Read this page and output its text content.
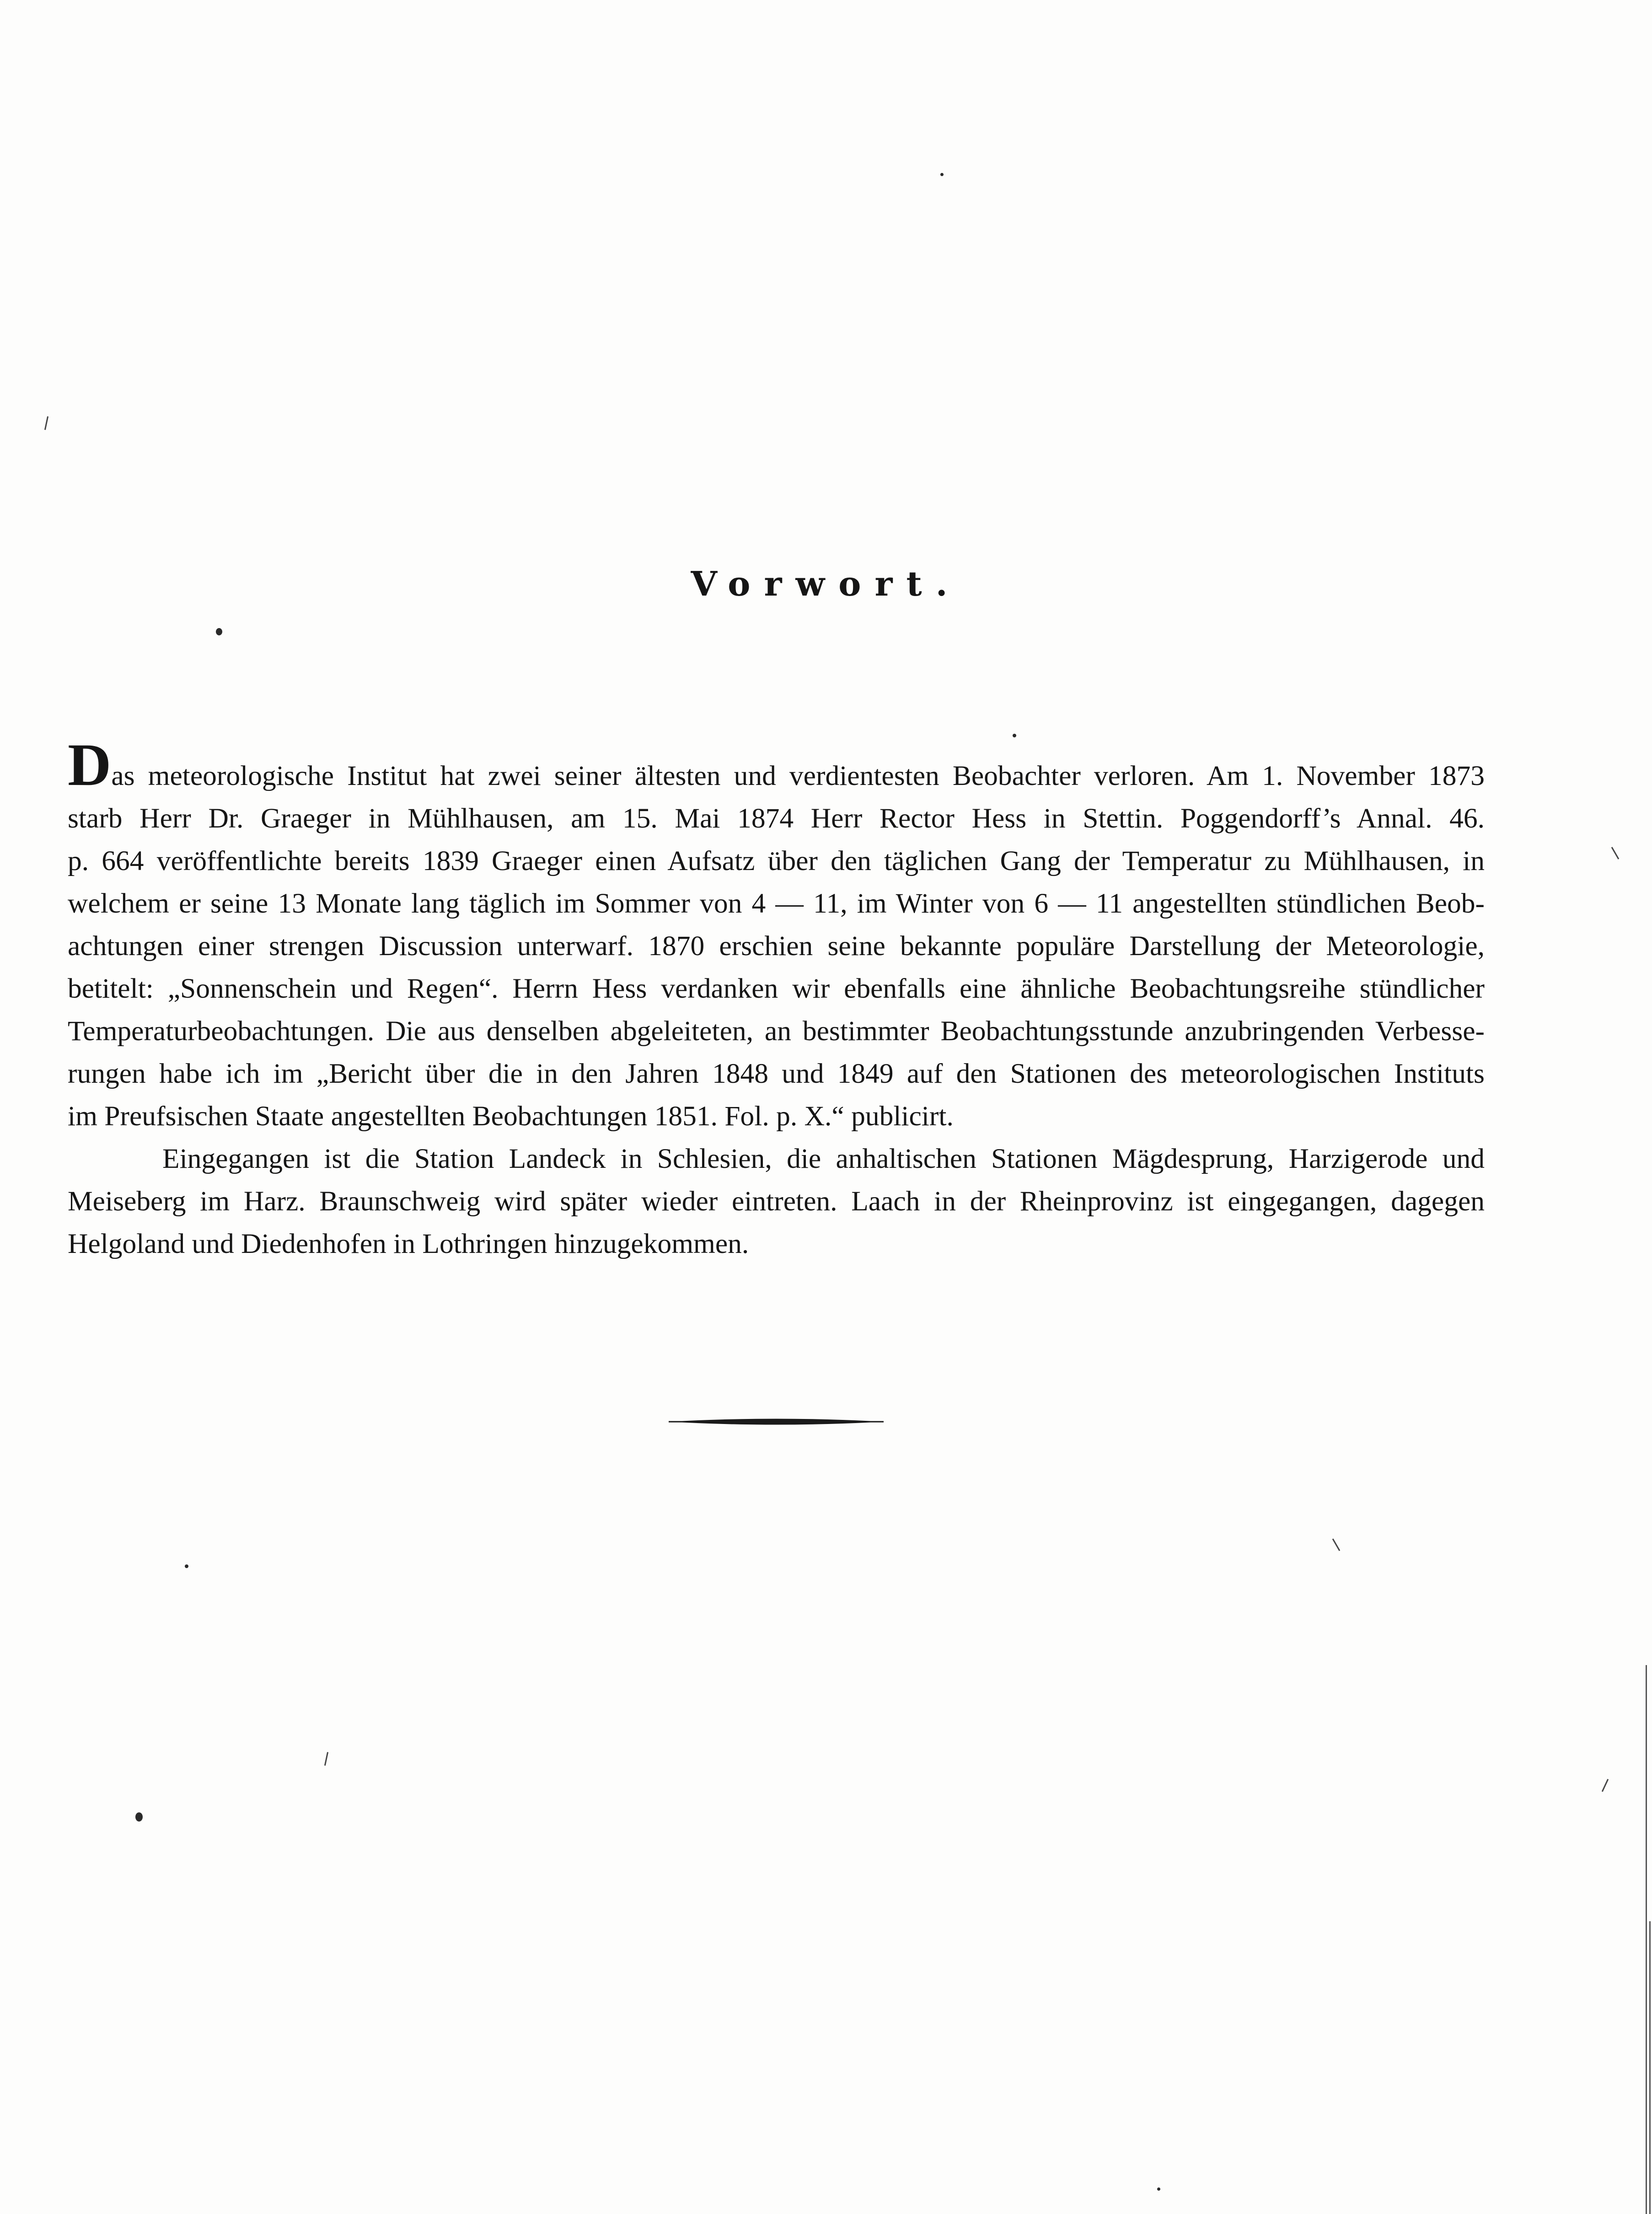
Vorwort.
Das meteorologische Institut hat zwei seiner ältesten und verdientesten Beobachter verloren. Am 1. November 1873
starb Herr Dr. Graeger in Mühlhausen, am 15. Mai 1874 Herr Rector Hess in Stettin. Poggendorff’s Annal. 46.
p. 664 veröffentlichte bereits 1839 Graeger einen Aufsatz über den täglichen Gang der Temperatur zu Mühlhausen, in
welchem er seine 13 Monate lang täglich im Sommer von 4 — 11, im Winter von 6 — 11 angestellten stündlichen Beob-
achtungen einer strengen Discussion unterwarf. 1870 erschien seine bekannte populäre Darstellung der Meteorologie,
betitelt: „Sonnenschein und Regen“. Herrn Hess verdanken wir ebenfalls eine ähnliche Beobachtungsreihe stündlicher
Temperaturbeobachtungen. Die aus denselben abgeleiteten, an bestimmter Beobachtungsstunde anzubringenden Verbesse-
rungen habe ich im „Bericht über die in den Jahren 1848 und 1849 auf den Stationen des meteorologischen Instituts
im Preufsischen Staate angestellten Beobachtungen 1851. Fol. p. X.“ publicirt.
Eingegangen ist die Station Landeck in Schlesien, die anhaltischen Stationen Mägdesprung, Harzigerode und
Meiseberg im Harz. Braunschweig wird später wieder eintreten. Laach in der Rheinprovinz ist eingegangen, dagegen
Helgoland und Diedenhofen in Lothringen hinzugekommen.
